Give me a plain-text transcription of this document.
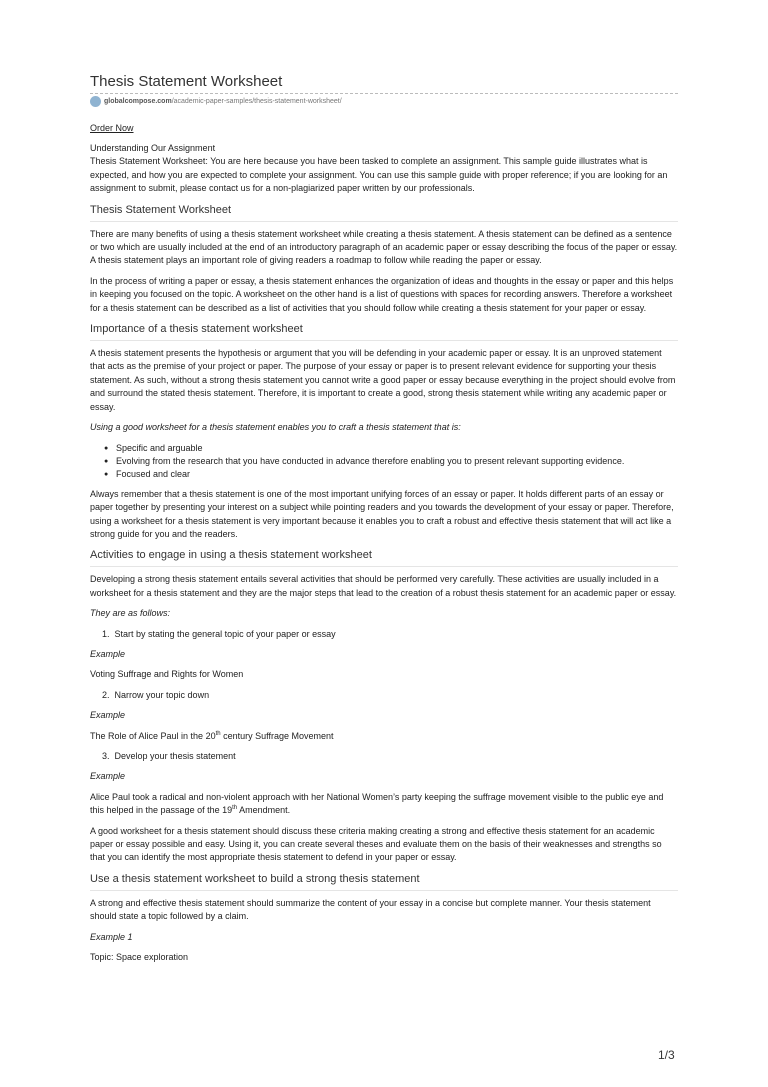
Thesis Statement Worksheet
globalcompose.com/academic-paper-samples/thesis-statement-worksheet/
Order Now

Understanding Our Assignment

Thesis Statement Worksheet: You are here because you have been tasked to complete an assignment. This sample guide illustrates what is expected, and how you are expected to complete your assignment. You can use this sample guide with proper reference; if you are looking for an assignment to submit, please contact us for a non-plagiarized paper written by our professionals.

Thesis Statement Worksheet

There are many benefits of using a thesis statement worksheet while creating a thesis statement. A thesis statement can be defined as a sentence or two which are usually included at the end of an introductory paragraph of an academic paper or essay describing the focus of the paper or essay. A thesis statement plays an important role of giving readers a roadmap to follow while reading the paper or essay.

In the process of writing a paper or essay, a thesis statement enhances the organization of ideas and thoughts in the essay or paper and this helps in keeping you focused on the topic. A worksheet on the other hand is a list of questions with spaces for recording answers. Therefore a worksheet for a thesis statement can be described as a list of activities that you should follow while creating a thesis statement for your paper or essay.

Importance of a thesis statement worksheet

A thesis statement presents the hypothesis or argument that you will be defending in your academic paper or essay. It is an unproved statement that acts as the premise of your project or paper. The purpose of your essay or paper is to present relevant evidence for supporting your thesis statement. As such, without a strong thesis statement you cannot write a good paper or essay because everything in the project should evolve from and surround the stated thesis statement. Therefore, it is important to create a good, strong thesis statement while writing any academic paper or essay.

Using a good worksheet for a thesis statement enables you to craft a thesis statement that is:

● Specific and arguable
● Evolving from the research that you have conducted in advance therefore enabling you to present relevant supporting evidence.
● Focused and clear

Always remember that a thesis statement is one of the most important unifying forces of an essay or paper. It holds different parts of an essay or paper together by presenting your interest on a subject while pointing readers and you towards the development of your essay or paper. Therefore, using a worksheet for a thesis statement is very important because it enables you to craft a robust and effective thesis statement that will act like a strong guide for you and the readers.

Activities to engage in using a thesis statement worksheet

Developing a strong thesis statement entails several activities that should be performed very carefully. These activities are usually included in a worksheet for a thesis statement and they are the major steps that lead to the creation of a robust thesis statement for an academic paper or essay.

They are as follows:

1. Start by stating the general topic of your paper or essay

Example

Voting Suffrage and Rights for Women

2. Narrow your topic down

Example

The Role of Alice Paul in the 20th century Suffrage Movement

3. Develop your thesis statement

Example

Alice Paul took a radical and non-violent approach with her National Women’s party keeping the suffrage movement visible to the public eye and this helped in the passage of the 19th Amendment.

A good worksheet for a thesis statement should discuss these criteria making creating a strong and effective thesis statement for an academic paper or essay possible and easy. Using it, you can create several theses and evaluate them on the basis of their weaknesses and strengths so that you can identify the most appropriate thesis statement to defend in your paper or essay.

Use a thesis statement worksheet to build a strong thesis statement

A strong and effective thesis statement should summarize the content of your essay in a concise but complete manner. Your thesis statement should state a topic followed by a claim.

Example 1

Topic: Space exploration

1/3
